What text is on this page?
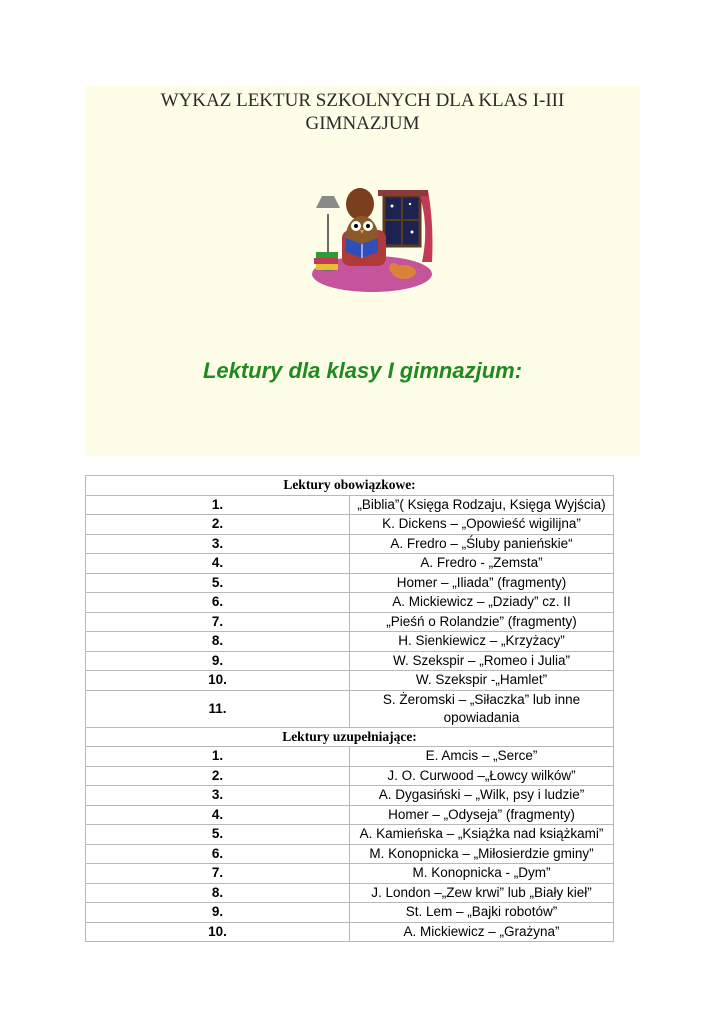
WYKAZ LEKTUR SZKOLNYCH DLA KLAS I-III
GIMNAZJUM
Lektury dla klasy I gimnazjum:
Lektury obowiązkowe:	
1.	„Biblia”( Księga Rodzaju, Księga Wyjścia)
2.	K. Dickens – „Opowieść wigilijna”
3.	A. Fredro – „Śluby panieńskie“
4.	A. Fredro - „Zemsta”
5.	Homer – „Iliada” (fragmenty)
6.	A. Mickiewicz – „Dziady” cz. II
7.	„Pieśń o Rolandzie” (fragmenty)
8.	H. Sienkiewicz – „Krzyżacy”
9.	W. Szekspir – „Romeo i Julia”
10.	W. Szekspir -„Hamlet”
11.	S. Żeromski – „Siłaczka” lub inne opowiadania
Lektury uzupełniające:	
1.	E. Amcis – „Serce”
2.	J. O. Curwood –„Łowcy wilków”
3.	A. Dygasiński – „Wilk, psy i ludzie”
4.	Homer – „Odyseja” (fragmenty)
5.	A. Kamieńska – „Książka nad książkami”
6.	M. Konopnicka – „Miłosierdzie gminy”
7.	M. Konopnicka - „Dym”
8.	J. London –„Zew krwi” lub „Biały kieł”
9.	St. Lem – „Bajki robotów”
10.	A. Mickiewicz – „Grażyna”
